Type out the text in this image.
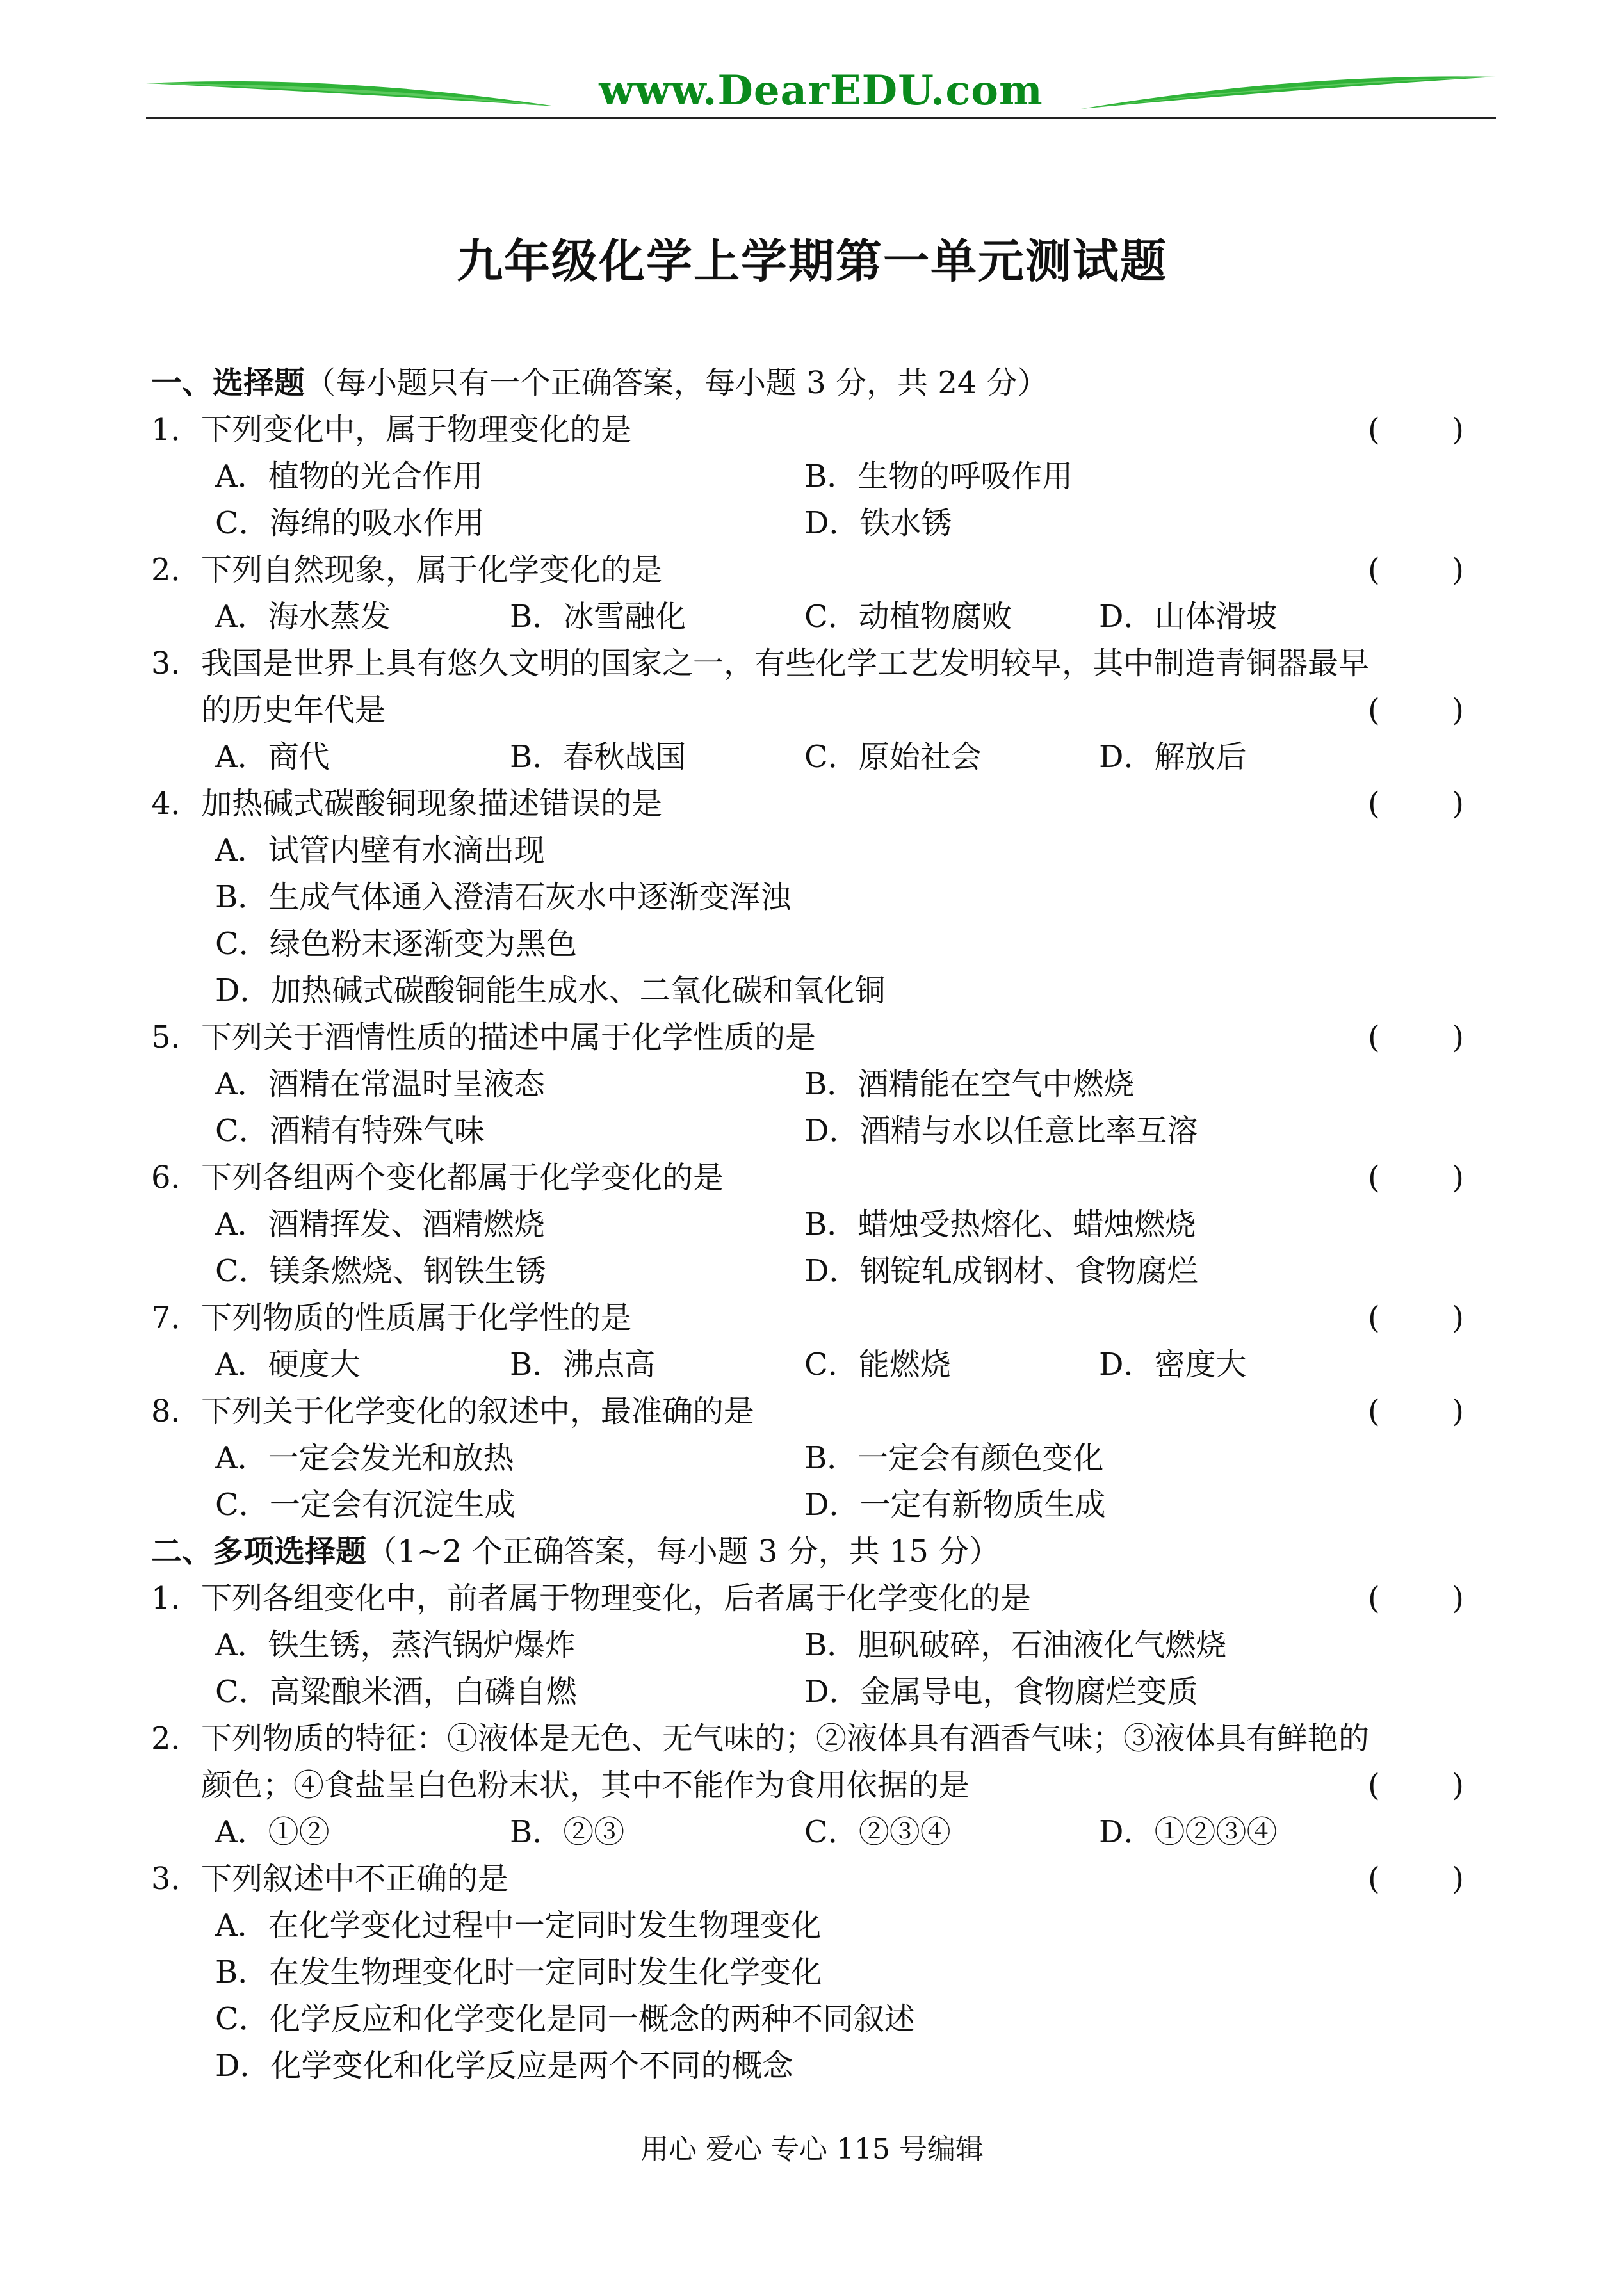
www.DearEDU.com
九年级化学上学期第一单元测试题
一、选择题（每小题只有一个正确答案，每小题 3 分，共 24 分）
1． 下列变化中，属于物理变化的是	( )
A．植物的光合作用	B．生物的呼吸作用
C．海绵的吸水作用	D．铁水锈
2． 下列自然现象，属于化学变化的是	( )
A．海水蒸发	B．冰雪融化	C．动植物腐败	D．山体滑坡
3． 我国是世界上具有悠久文明的国家之一，有些化学工艺发明较早，其中制造青铜器最早
的历史年代是	( )
A．商代	B．春秋战国	C．原始社会	D．解放后
4． 加热碱式碳酸铜现象描述错误的是	( )
A．试管内壁有水滴出现
B．生成气体通入澄清石灰水中逐渐变浑浊
C．绿色粉末逐渐变为黑色
D．加热碱式碳酸铜能生成水、二氧化碳和氧化铜
5． 下列关于酒情性质的描述中属于化学性质的是	( )
A．酒精在常温时呈液态	B．酒精能在空气中燃烧
C．酒精有特殊气味	D．酒精与水以任意比率互溶
6． 下列各组两个变化都属于化学变化的是	( )
A．酒精挥发、酒精燃烧	B．蜡烛受热熔化、蜡烛燃烧
C．镁条燃烧、钢铁生锈	D．钢锭轧成钢材、食物腐烂
7． 下列物质的性质属于化学性的是	( )
A．硬度大	B．沸点高	C．能燃烧	D．密度大
8． 下列关于化学变化的叙述中，最准确的是	( )
A．一定会发光和放热	B．一定会有颜色变化
C．一定会有沉淀生成	D．一定有新物质生成
二、多项选择题（1~2 个正确答案，每小题 3 分，共 15 分）
1． 下列各组变化中，前者属于物理变化，后者属于化学变化的是	( )
A．铁生锈，蒸汽锅炉爆炸	B．胆矾破碎，石油液化气燃烧
C．高粱酿米酒，白磷自燃	D．金属导电，食物腐烂变质
2． 下列物质的特征：①液体是无色、无气味的；②液体具有酒香气味；③液体具有鲜艳的
颜色；④食盐呈白色粉末状，其中不能作为食用依据的是	( )
A．①②	B．②③	C．②③④	D．①②③④
3． 下列叙述中不正确的是	( )
A．在化学变化过程中一定同时发生物理变化
B．在发生物理变化时一定同时发生化学变化
C．化学反应和化学变化是同一概念的两种不同叙述
D．化学变化和化学反应是两个不同的概念
用心 爱心 专心 115 号编辑
